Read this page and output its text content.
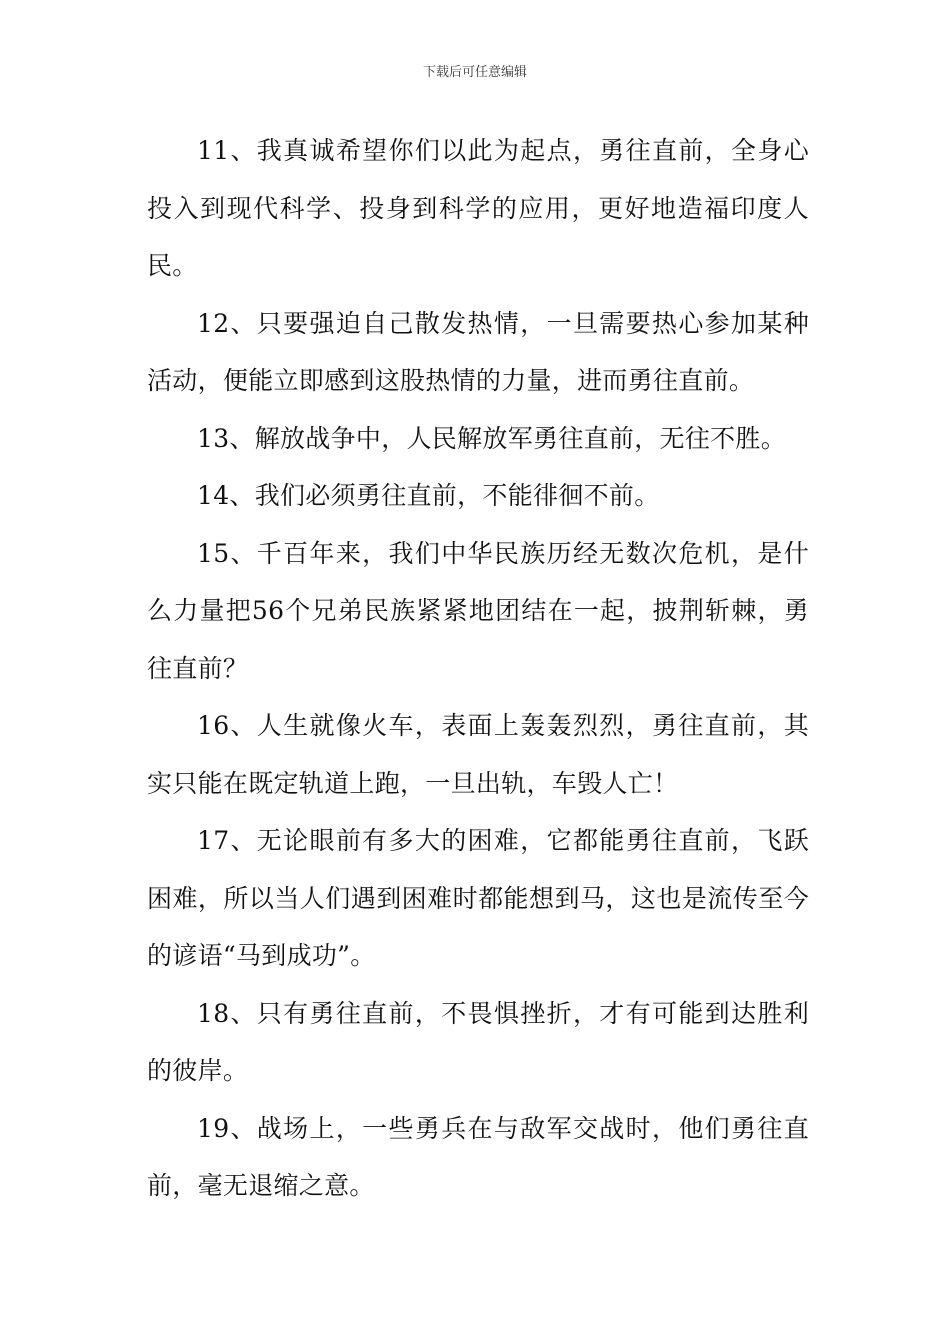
下载后可任意编辑

11、我真诚希望你们以此为起点，勇往直前，全身心投入到现代科学、投身到科学的应用，更好地造福印度人民。

12、只要强迫自己散发热情，一旦需要热心参加某种活动，便能立即感到这股热情的力量，进而勇往直前。

13、解放战争中，人民解放军勇往直前，无往不胜。

14、我们必须勇往直前，不能徘徊不前。

15、千百年来，我们中华民族历经无数次危机，是什么力量把56个兄弟民族紧紧地团结在一起，披荆斩棘，勇往直前？

16、人生就像火车，表面上轰轰烈烈，勇往直前，其实只能在既定轨道上跑，一旦出轨，车毁人亡！

17、无论眼前有多大的困难，它都能勇往直前，飞跃困难，所以当人们遇到困难时都能想到马，这也是流传至今的谚语“马到成功”。

18、只有勇往直前，不畏惧挫折，才有可能到达胜利的彼岸。

19、战场上，一些勇兵在与敌军交战时，他们勇往直前，毫无退缩之意。
